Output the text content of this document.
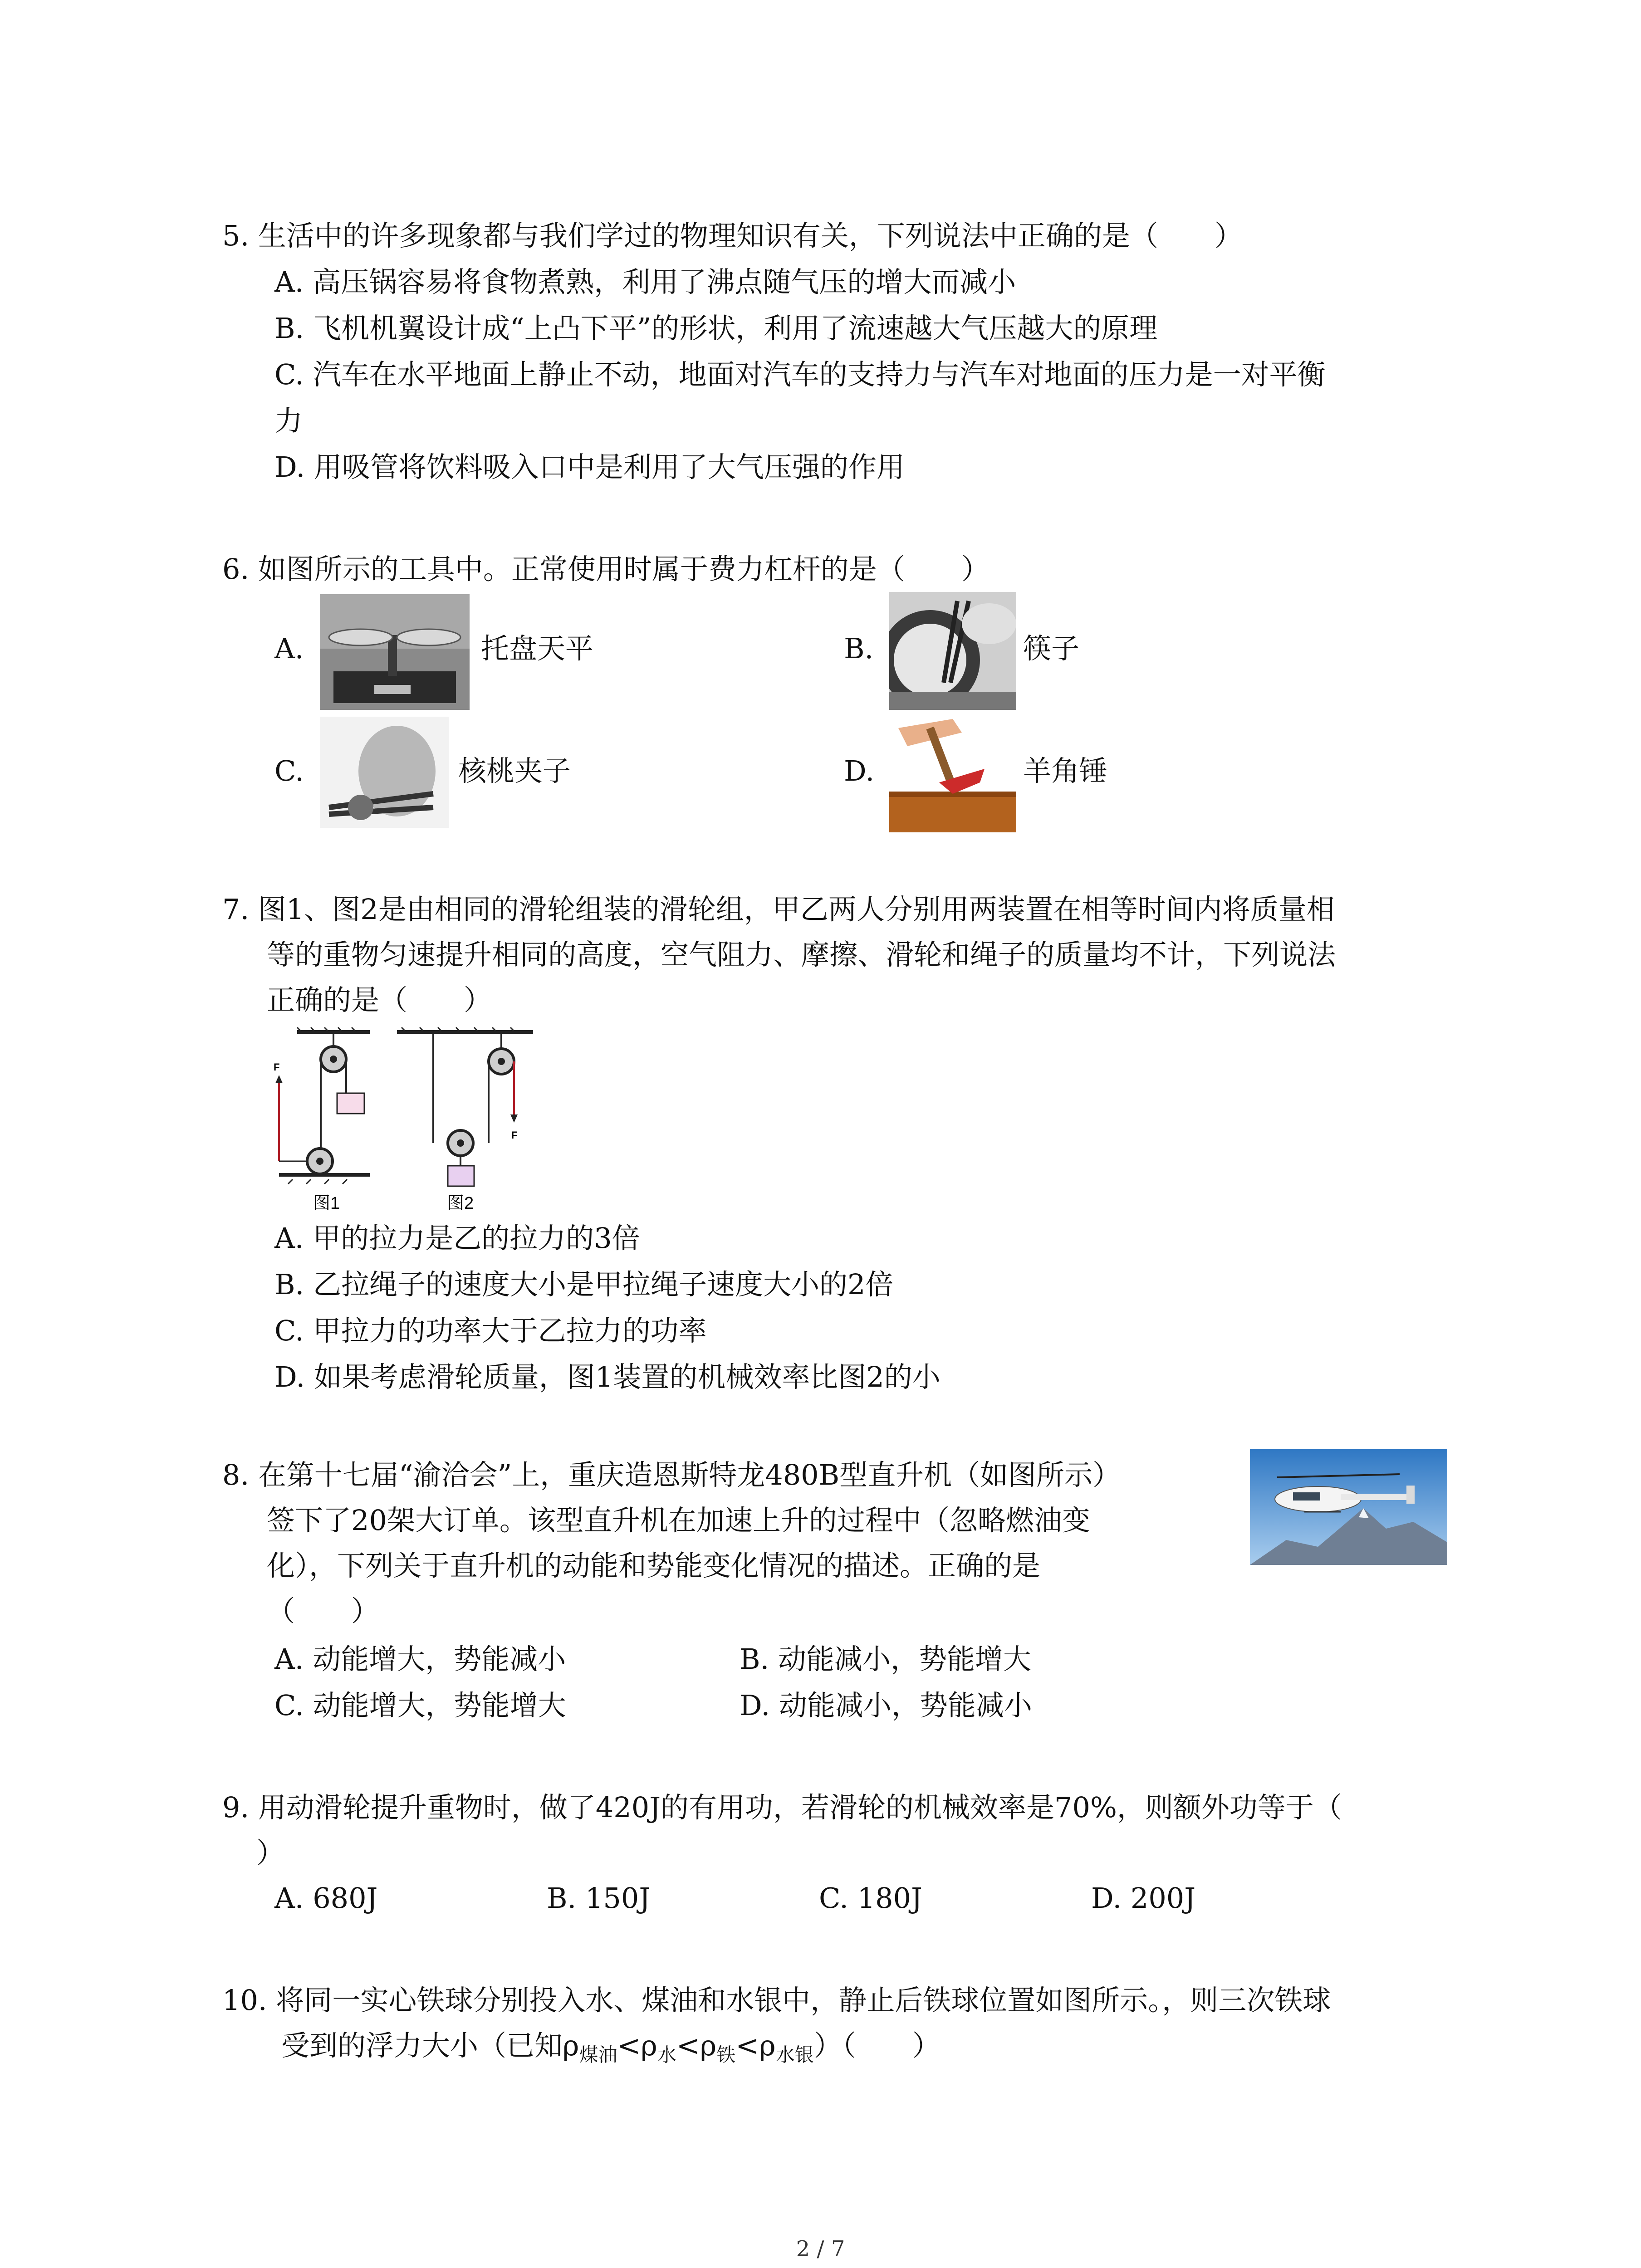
5. 生活中的许多现象都与我们学过的物理知识有关，下列说法中正确的是（　　）
A. 高压锅容易将食物煮熟，利用了沸点随气压的增大而减小
B. 飞机机翼设计成“上凸下平”的形状，利用了流速越大气压越大的原理
C. 汽车在水平地面上静止不动，地面对汽车的支持力与汽车对地面的压力是一对平衡
力
D. 用吸管将饮料吸入口中是利用了大气压强的作用
6. 如图所示的工具中。正常使用时属于费力杠杆的是（　　）
A.	托盘天平	B.	筷子
C.	核桃夹子	D.	羊角锤
7. 图1、图2是由相同的滑轮组装的滑轮组，甲乙两人分别用两装置在相等时间内将质量相
等的重物匀速提升相同的高度，空气阻力、摩擦、滑轮和绳子的质量均不计，下列说法
正确的是（　　）
F
图1
F
图2
A. 甲的拉力是乙的拉力的3倍
B. 乙拉绳子的速度大小是甲拉绳子速度大小的2倍
C. 甲拉力的功率大于乙拉力的功率
D. 如果考虑滑轮质量，图1装置的机械效率比图2的小
8. 在第十七届“渝洽会”上，重庆造恩斯特龙480B型直升机（如图所示）
签下了20架大订单。该型直升机在加速上升的过程中（忽略燃油变
化），下列关于直升机的动能和势能变化情况的描述。正确的是
（　　）
A. 动能增大，势能减小	B. 动能减小，势能增大
C. 动能增大，势能增大	D. 动能减小，势能减小
9. 用动滑轮提升重物时，做了420J的有用功，若滑轮的机械效率是70%，则额外功等于（
）
A. 680J	B. 150J	C. 180J	D. 200J
10. 将同一实心铁球分别投入水、煤油和水银中，静止后铁球位置如图所示。，则三次铁球
受到的浮力大小（已知$\rho_{煤油}<\rho_水<\rho_铁<\rho_{水银}$）（　　）
2 / 7
